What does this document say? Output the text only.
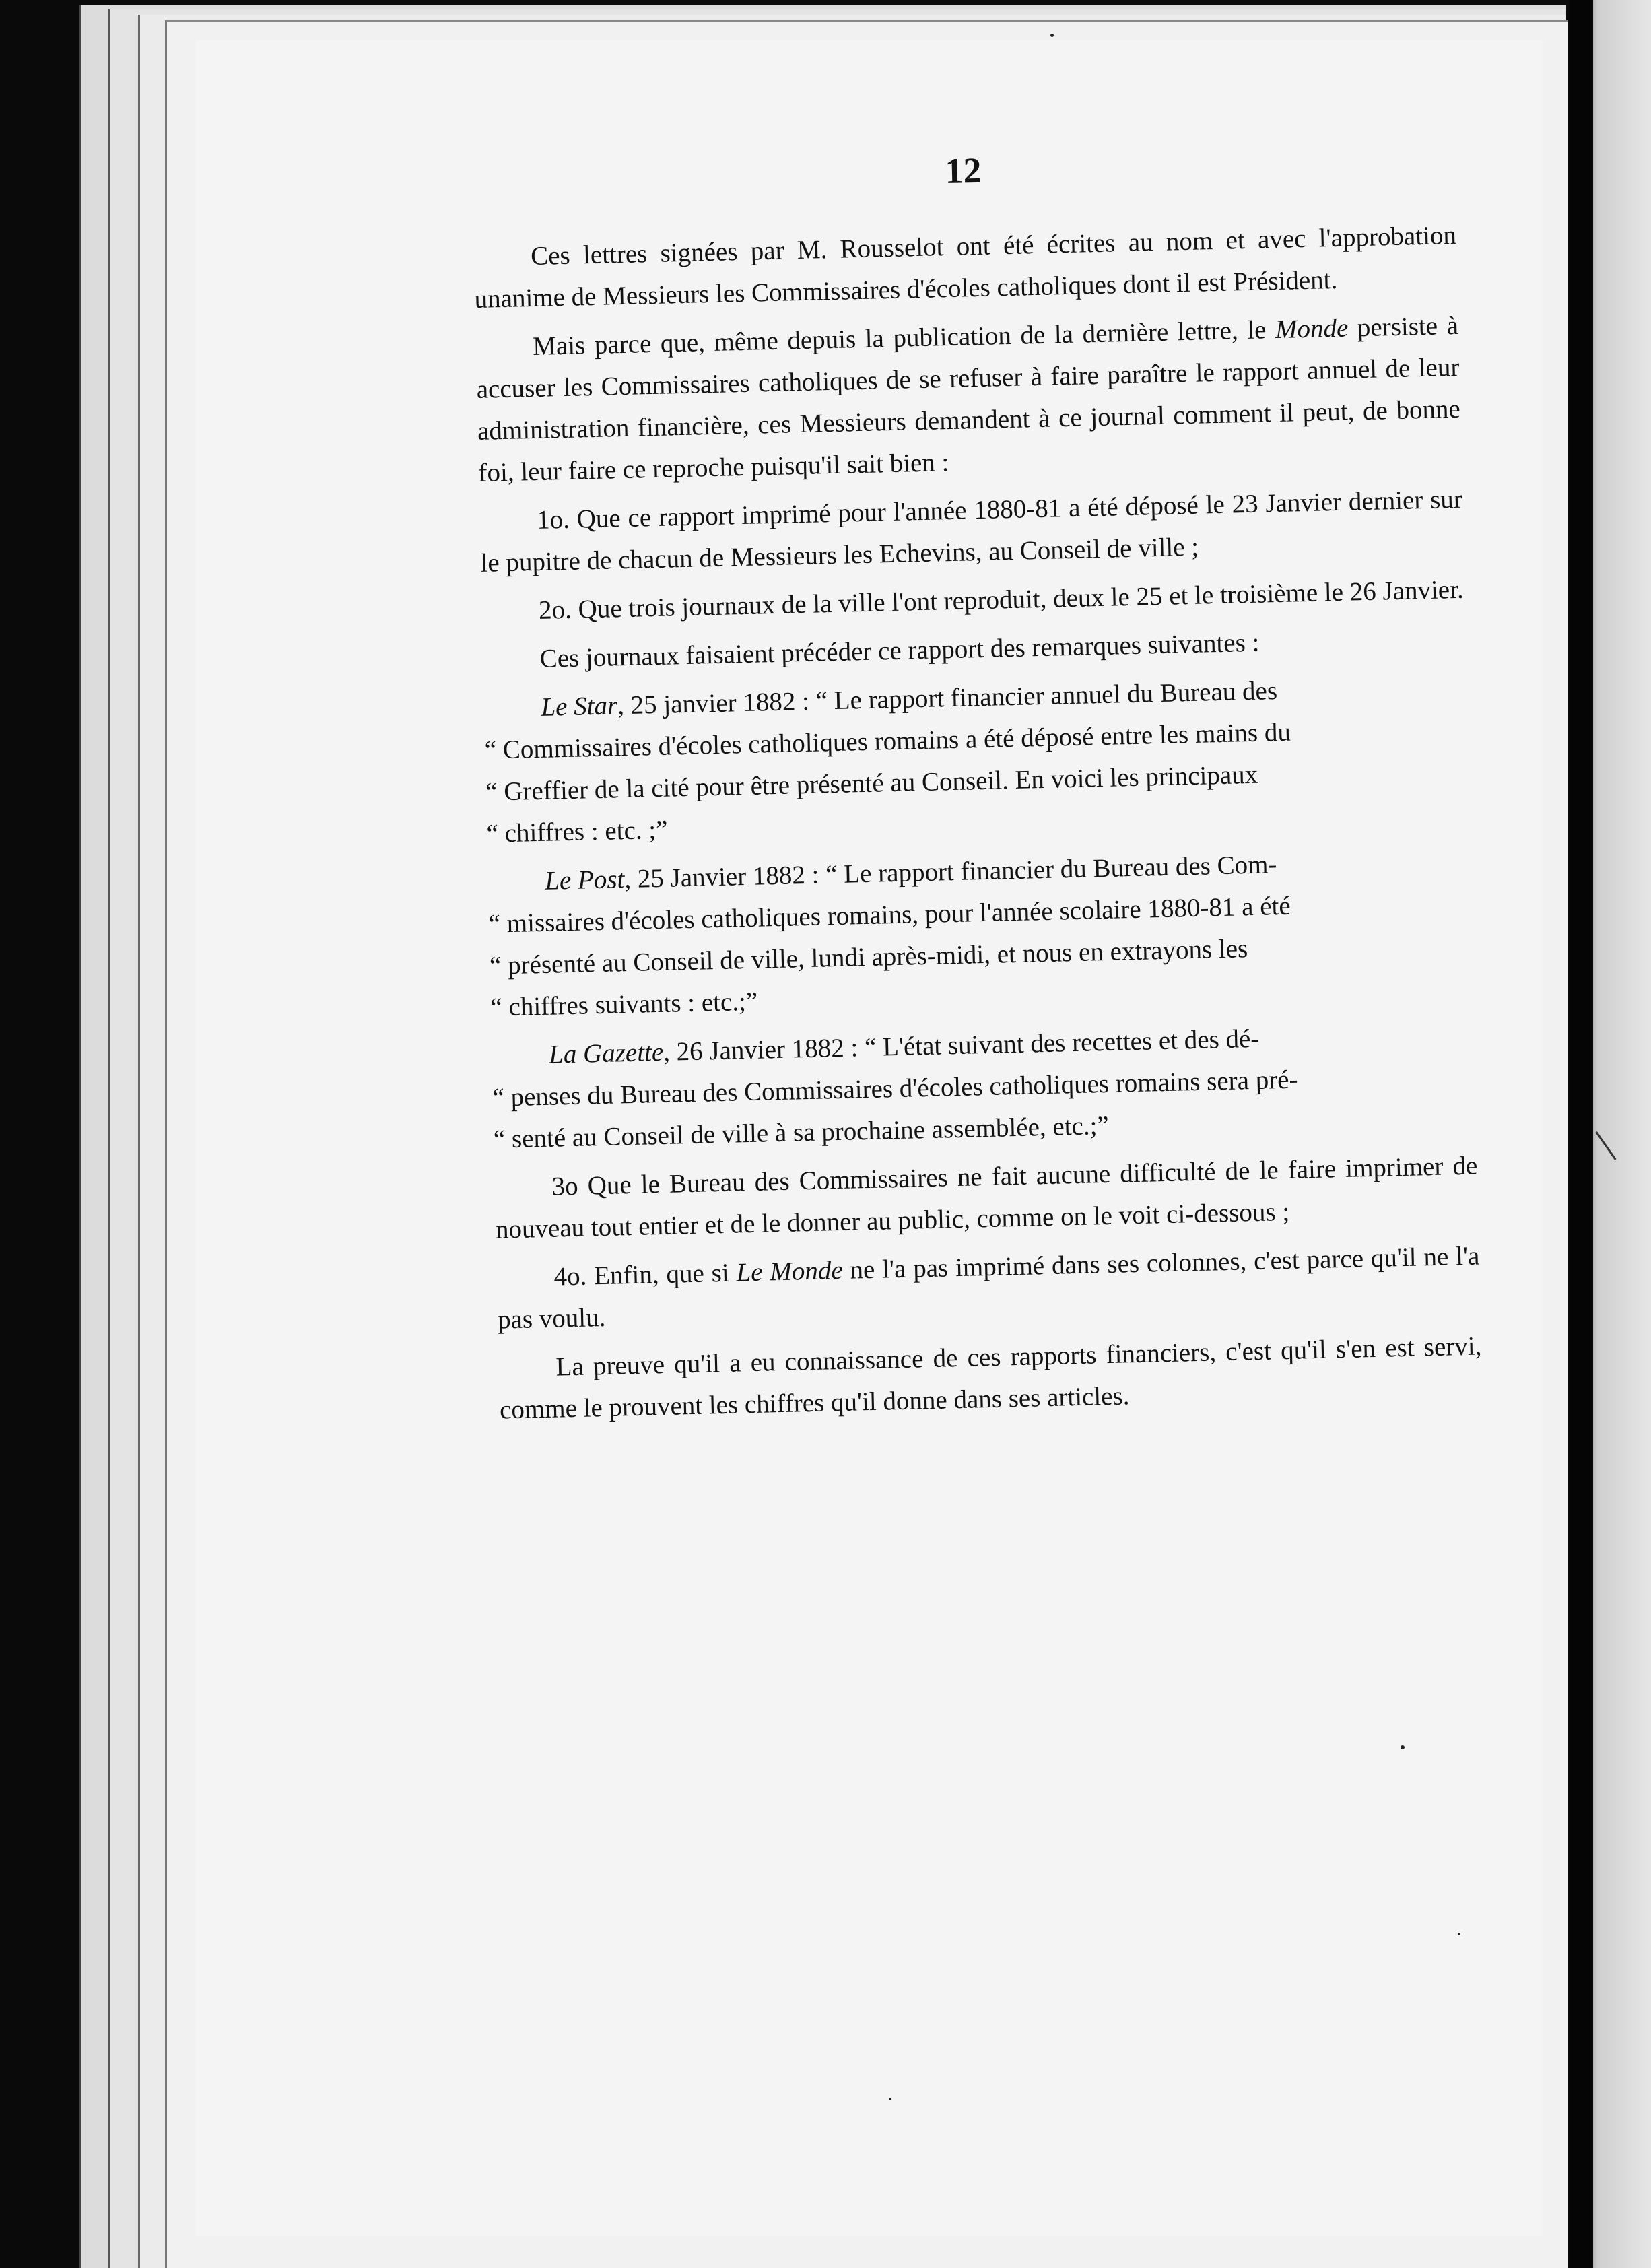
12

Ces lettres signées par M. Rousselot ont été écrites au nom et avec l'approbation unanime de Messieurs les Commissaires d'écoles catholiques dont il est Président.

Mais parce que, même depuis la publication de la dernière lettre, le Monde persiste à accuser les Commissaires catholiques de se refuser à faire paraître le rapport annuel de leur administration financière, ces Messieurs demandent à ce journal comment il peut, de bonne foi, leur faire ce reproche puisqu'il sait bien :

1o. Que ce rapport imprimé pour l'année 1880-81 a été déposé le 23 Janvier dernier sur le pupitre de chacun de Messieurs les Echevins, au Conseil de ville ;

2o. Que trois journaux de la ville l'ont reproduit, deux le 25 et le troisième le 26 Janvier.

Ces journaux faisaient précéder ce rapport des remarques suivantes :

Le Star, 25 janvier 1882 : “ Le rapport financier annuel du Bureau des
“ Commissaires d'écoles catholiques romains a été déposé entre les mains du
“ Greffier de la cité pour être présenté au Conseil. En voici les principaux
“ chiffres : etc. ;”
Le Post, 25 Janvier 1882 : “ Le rapport financier du Bureau des Com-
“ missaires d'écoles catholiques romains, pour l'année scolaire 1880-81 a été
“ présenté au Conseil de ville, lundi après-midi, et nous en extrayons les
“ chiffres suivants : etc.;”
La Gazette, 26 Janvier 1882 : “ L'état suivant des recettes et des dé-
“ penses du Bureau des Commissaires d'écoles catholiques romains sera pré-
“ senté au Conseil de ville à sa prochaine assemblée, etc.;”

3o Que le Bureau des Commissaires ne fait aucune difficulté de le faire imprimer de nouveau tout entier et de le donner au public, comme on le voit ci-dessous ;

4o. Enfin, que si Le Monde ne l'a pas imprimé dans ses colonnes, c'est parce qu'il ne l'a pas voulu.

La preuve qu'il a eu connaissance de ces rapports financiers, c'est qu'il s'en est servi, comme le prouvent les chiffres qu'il donne dans ses articles.
